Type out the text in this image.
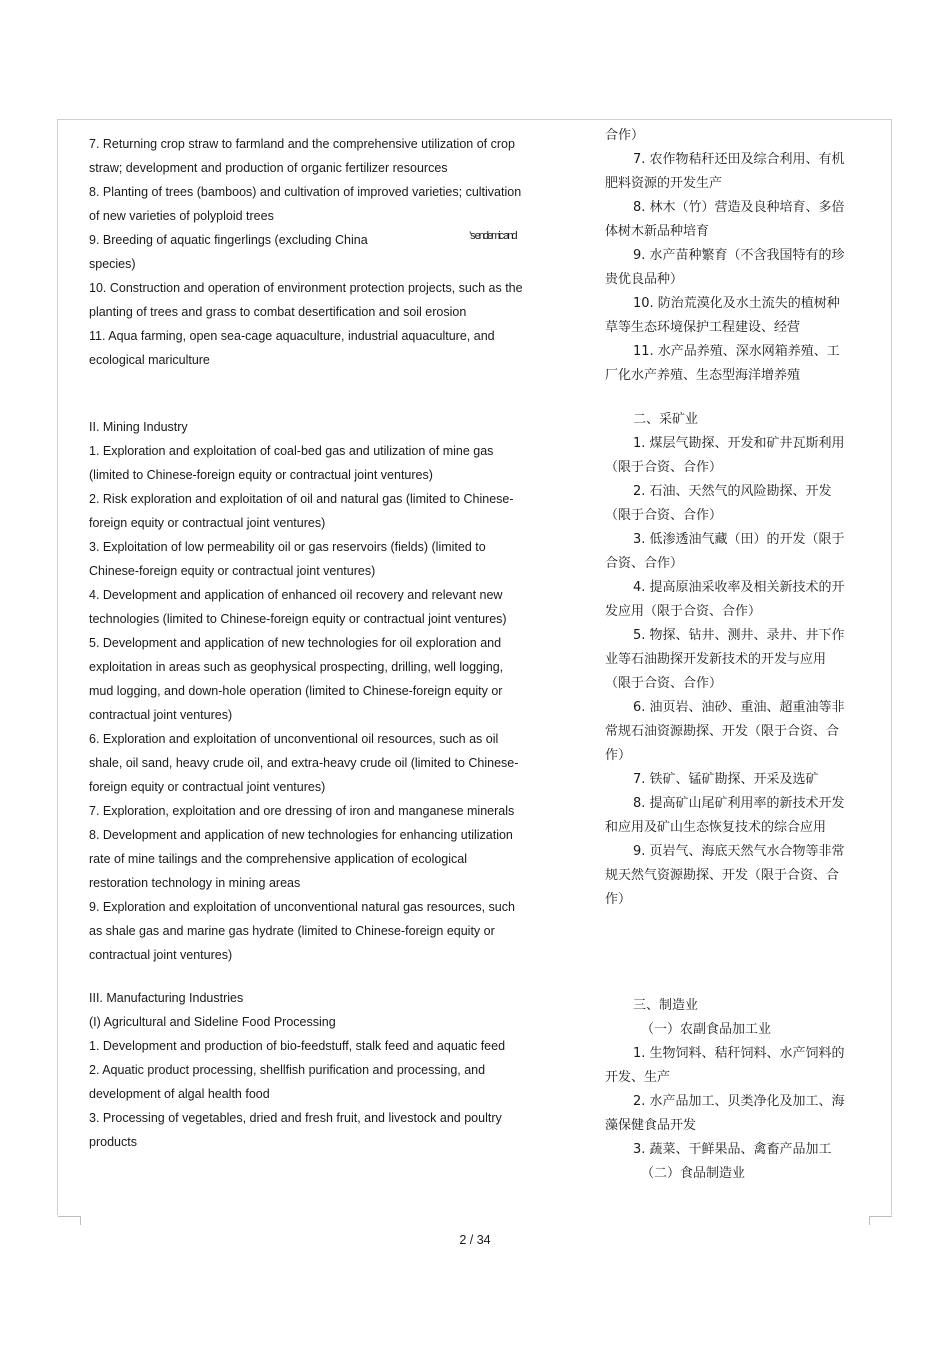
7. Returning crop straw to farmland and the comprehensive utilization of crop straw; development and production of organic fertilizer resources

8. Planting of trees (bamboos) and cultivation of improved varieties; cultivation of new varieties of polyploid trees

9. Breeding of aquatic fingerlings (excluding China

species)

10. Construction and operation of environment protection projects, such as the planting of trees and grass to combat desertification and soil erosion

11. Aqua farming, open sea-cage aquaculture, industrial aquaculture, and ecological mariculture

II. Mining Industry

1. Exploration and exploitation of coal-bed gas and utilization of mine gas (limited to Chinese-foreign equity or contractual joint ventures)

2. Risk exploration and exploitation of oil and natural gas (limited to Chinese-foreign equity or contractual joint ventures)

3. Exploitation of low permeability oil or gas reservoirs (fields) (limited to Chinese-foreign equity or contractual joint ventures)

4. Development and application of enhanced oil recovery and relevant new technologies (limited to Chinese-foreign equity or contractual joint ventures)

5. Development and application of new technologies for oil exploration and exploitation in areas such as geophysical prospecting, drilling, well logging, mud logging, and down-hole operation (limited to Chinese-foreign equity or contractual joint ventures)

6. Exploration and exploitation of unconventional oil resources, such as oil shale, oil sand, heavy crude oil, and extra-heavy crude oil (limited to Chinese-foreign equity or contractual joint ventures)

7. Exploration, exploitation and ore dressing of iron and manganese minerals

8. Development and application of new technologies for enhancing utilization rate of mine tailings and the comprehensive application of ecological restoration technology in mining areas

9. Exploration and exploitation of unconventional natural gas resources, such as shale gas and marine gas hydrate (limited to Chinese-foreign equity or contractual joint ventures)

III. Manufacturing Industries

(I) Agricultural and Sideline Food Processing

1. Development and production of bio-feedstuff, stalk feed and aquatic feed

2. Aquatic product processing, shellfish purification and processing, and development of algal health food

3. Processing of vegetables, dried and fresh fruit, and livestock and poultry products

’ s endemic and

合作）

7. 农作物秸秆还田及综合利用、有机肥料资源的开发生产

8. 林木（竹）营造及良种培育、多倍体树木新品种培育

9. 水产苗种繁育（不含我国特有的珍贵优良品种）

10. 防治荒漠化及水土流失的植树种草等生态环境保护工程建设、经营

11. 水产品养殖、深水网箱养殖、工厂化水产养殖、生态型海洋增养殖

二、采矿业

1. 煤层气勘探、开发和矿井瓦斯利用（限于合资、合作）

2. 石油、天然气的风险勘探、开发（限于合资、合作）

3. 低渗透油气藏（田）的开发（限于合资、合作）

4. 提高原油采收率及相关新技术的开发应用（限于合资、合作）

5. 物探、钻井、测井、录井、井下作业等石油勘探开发新技术的开发与应用（限于合资、合作）

6. 油页岩、油砂、重油、超重油等非常规石油资源勘探、开发（限于合资、合作）

7. 铁矿、锰矿勘探、开采及选矿

8. 提高矿山尾矿利用率的新技术开发和应用及矿山生态恢复技术的综合应用

9. 页岩气、海底天然气水合物等非常规天然气资源勘探、开发（限于合资、合作）

三、制造业

（一）农副食品加工业

1. 生物饲料、秸秆饲料、水产饲料的开发、生产

2. 水产品加工、贝类净化及加工、海藻保健食品开发

3. 蔬菜、干鲜果品、禽畜产品加工

（二）食品制造业

2 / 34
